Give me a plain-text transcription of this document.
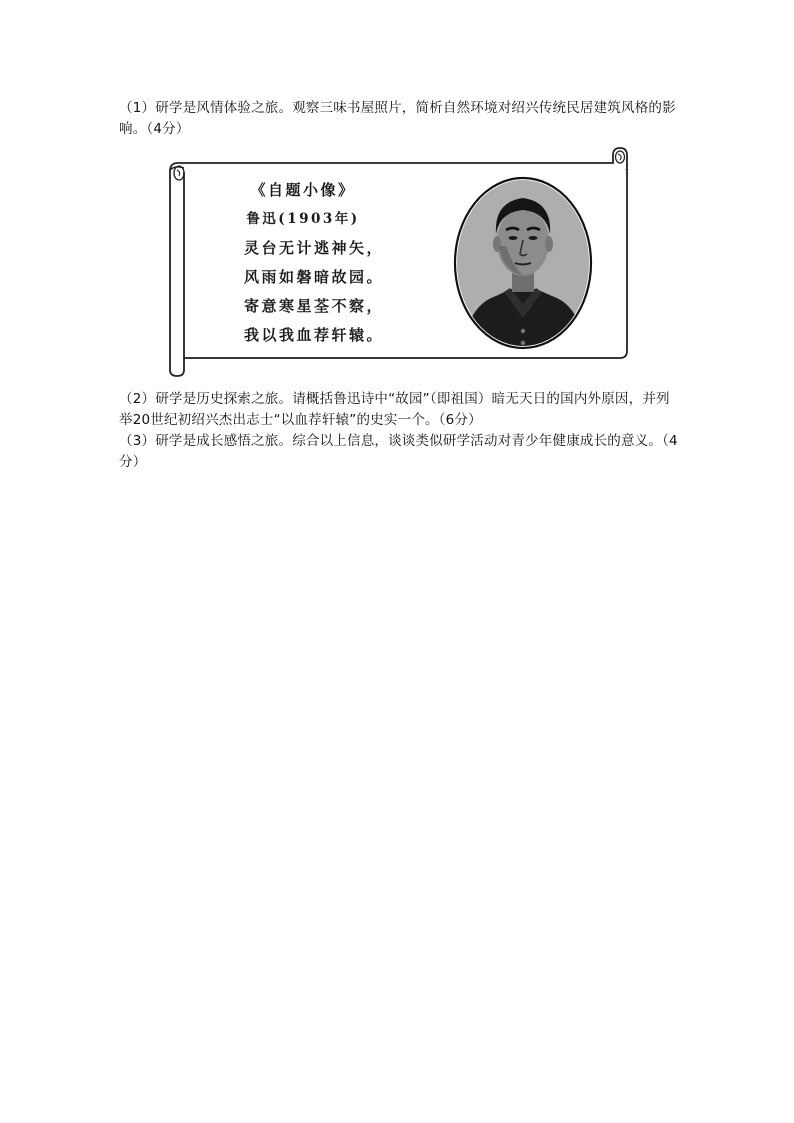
（1）研学是风情体验之旅。观察三味书屋照片，简析自然环境对绍兴传统民居建筑风格的影响。（4分）

《自题小像》
鲁迅(1903年)
灵台无计逃神矢，
风雨如磐暗故园。
寄意寒星荃不察，
我以我血荐轩辕。

（2）研学是历史探索之旅。请概括鲁迅诗中“故园”（即祖国）暗无天日的国内外原因，并列举20世纪初绍兴杰出志士“以血荐轩辕”的史实一个。（6分）

（3）研学是成长感悟之旅。综合以上信息，谈谈类似研学活动对青少年健康成长的意义。（4分）
